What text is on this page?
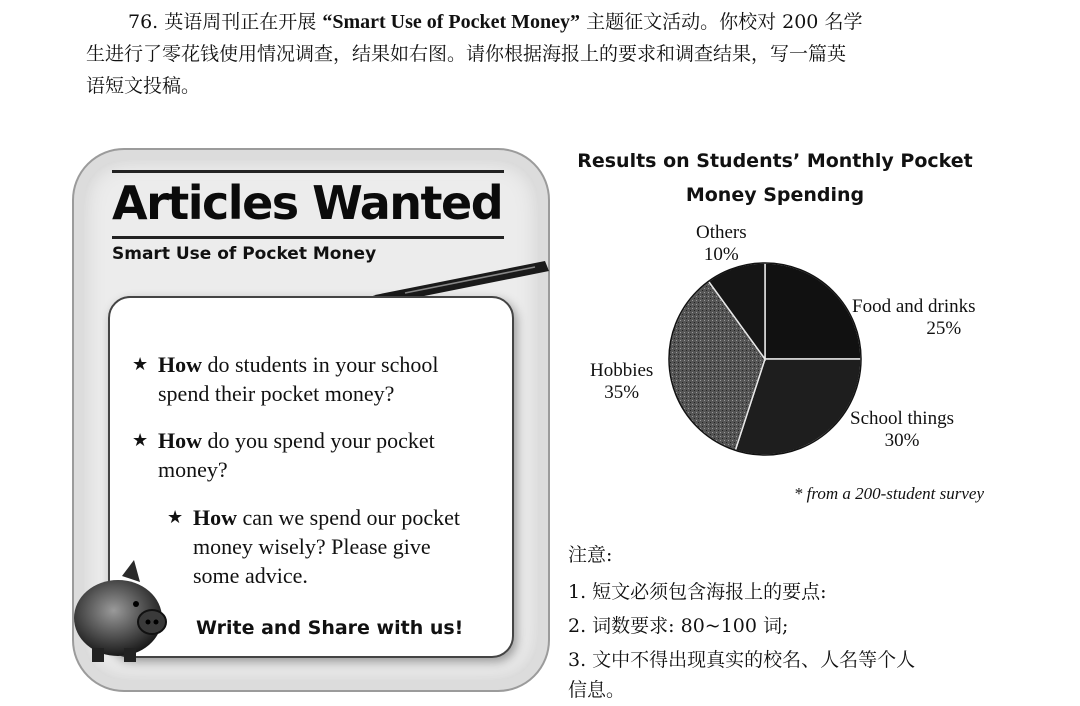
76. 英语周刊正在开展 “Smart Use of Pocket Money” 主题征文活动。你校对 200 名学
生进行了零花钱使用情况调查，结果如右图。请你根据海报上的要求和调查结果，写一篇英
语短文投稿。
Articles Wanted
Smart Use of Pocket Money
★ How do students in your school
spend their pocket money?
★ How do you spend your pocket
money?
★ How can we spend our pocket
money wisely? Please give
some advice.
Write and Share with us!
Results on Students’ Monthly Pocket
Money Spending
Others
10%
Food and drinks
25%
Hobbies
35%
School things
30%
* from a 200-student survey
注意:
1. 短文必须包含海报上的要点:
2. 词数要求: 80~100 词;
3. 文中不得出现真实的校名、人名等个人
信息。
